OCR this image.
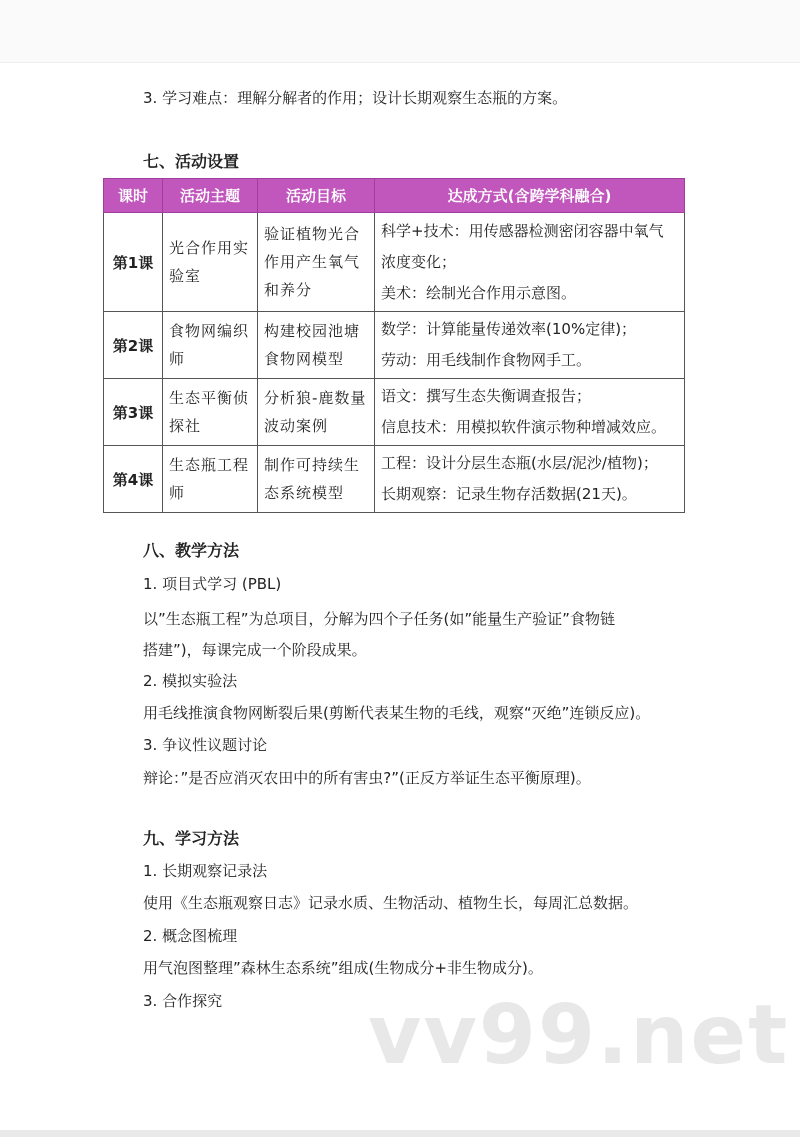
3. 学习难点：理解分解者的作用；设计长期观察生态瓶的方案。
七、活动设置
课时	活动主题	活动目标	达成方式(含跨学科融合)
第1课	光合作用实验室	验证植物光合作用产生氧气和养分	科学+技术：用传感器检测密闭容器中氧气
浓度变化；
美术：绘制光合作用示意图。

第2课	食物网编织师	构建校园池塘食物网模型	数学：计算能量传递效率(10%定律)；
劳动：用毛线制作食物网手工。

第3课	生态平衡侦探社	分析狼-鹿数量波动案例	语文：撰写生态失衡调查报告；
信息技术：用模拟软件演示物种增减效应。

第4课	生态瓶工程师	制作可持续生态系统模型	工程：设计分层生态瓶(水层/泥沙/植物)；
长期观察：记录生物存活数据(21天)。
八、教学方法
1. 项目式学习 (PBL)
以”生态瓶工程”为总项目，分解为四个子任务(如”能量生产验证”食物链
搭建”)，每课完成一个阶段成果。
2. 模拟实验法
用毛线推演食物网断裂后果(剪断代表某生物的毛线，观察“灭绝”连锁反应)。
3. 争议性议题讨论
辩论：”是否应消灭农田中的所有害虫?”(正反方举证生态平衡原理)。
九、学习方法
1. 长期观察记录法
使用《生态瓶观察日志》记录水质、生物活动、植物生长，每周汇总数据。
2. 概念图梳理
用气泡图整理”森林生态系统”组成(生物成分+非生物成分)。
3. 合作探究 vv99.net
